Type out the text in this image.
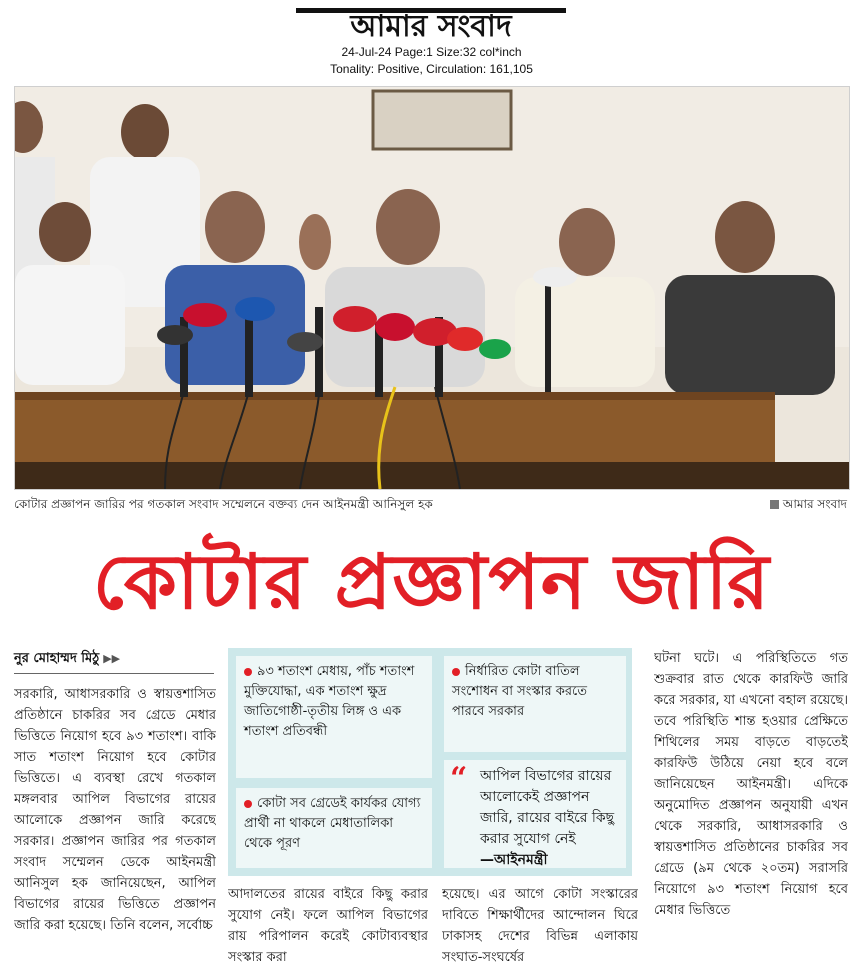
আমার সংবাদ
24-Jul-24 Page:1 Size:32 col*inch
Tonality: Positive, Circulation: 161,105
কোটার প্রজ্ঞাপন জারির পর গতকাল সংবাদ সম্মেলনে বক্তব্য দেন আইনমন্ত্রী আনিসুল হক	আমার সংবাদ
কোটার প্রজ্ঞাপন জারি
নুর মোহাম্মদ মিঠু ▶▶
সরকারি, আধাসরকারি ও স্বায়ত্তশাসিত প্রতিষ্ঠানে চাকরির সব গ্রেডে মেধার ভিত্তিতে নিয়োগ হবে ৯৩ শতাংশ। বাকি সাত শতাংশ নিয়োগ হবে কোটার ভিত্তিতে। এ ব্যবস্থা রেখে গতকাল মঙ্গলবার আপিল বিভাগের রায়ের আলোকে প্রজ্ঞাপন জারি করেছে সরকার। প্রজ্ঞাপন জারির পর গতকাল সংবাদ সম্মেলন ডেকে আইনমন্ত্রী আনিসুল হক জানিয়েছেন, আপিল বিভাগের রায়ের ভিত্তিতে প্রজ্ঞাপন জারি করা হয়েছে। তিনি বলেন, সর্বোচ্চ
৯৩ শতাংশ মেধায়, পাঁচ শতাংশ মুক্তিযোদ্ধা, এক শতাংশ ক্ষুদ্র জাতিগোষ্ঠী-তৃতীয় লিঙ্গ ও এক শতাংশ প্রতিবন্ধী
কোটা সব গ্রেডেই কার্যকর যোগ্য প্রার্থী না থাকলে মেধাতালিকা থেকে পূরণ
নির্ধারিত কোটা বাতিল সংশোধন বা সংস্কার করতে পারবে সরকার
“ আপিল বিভাগের রায়ের আলোকেই প্রজ্ঞাপন জারি, রায়ের বাইরে কিছু করার সুযোগ নেই
—আইনমন্ত্রী
আদালতের রায়ের বাইরে কিছু করার সুযোগ নেই। ফলে আপিল বিভাগের রায় পরিপালন করেই কোটাব্যবস্থার সংস্কার করা
হয়েছে। এর আগে কোটা সংস্কারের দাবিতে শিক্ষার্থীদের আন্দোলন ঘিরে ঢাকাসহ দেশের বিভিন্ন এলাকায় সংঘাত-সংঘর্ষের
ঘটনা ঘটে। এ পরিস্থিতিতে গত শুক্রবার রাত থেকে কারফিউ জারি করে সরকার, যা এখনো বহাল রয়েছে। তবে পরিস্থিতি শান্ত হওয়ার প্রেক্ষিতে শিথিলের সময় বাড়তে বাড়তেই কারফিউ উঠিয়ে নেয়া হবে বলে জানিয়েছেন আইনমন্ত্রী। এদিকে অনুমোদিত প্রজ্ঞাপন অনুযায়ী এখন থেকে সরকারি, আধাসরকারি ও স্বায়ত্তশাসিত প্রতিষ্ঠানের চাকরির সব গ্রেডে (৯ম থেকে ২০তম) সরাসরি নিয়োগে ৯৩ শতাংশ নিয়োগ হবে মেধার ভিত্তিতে
